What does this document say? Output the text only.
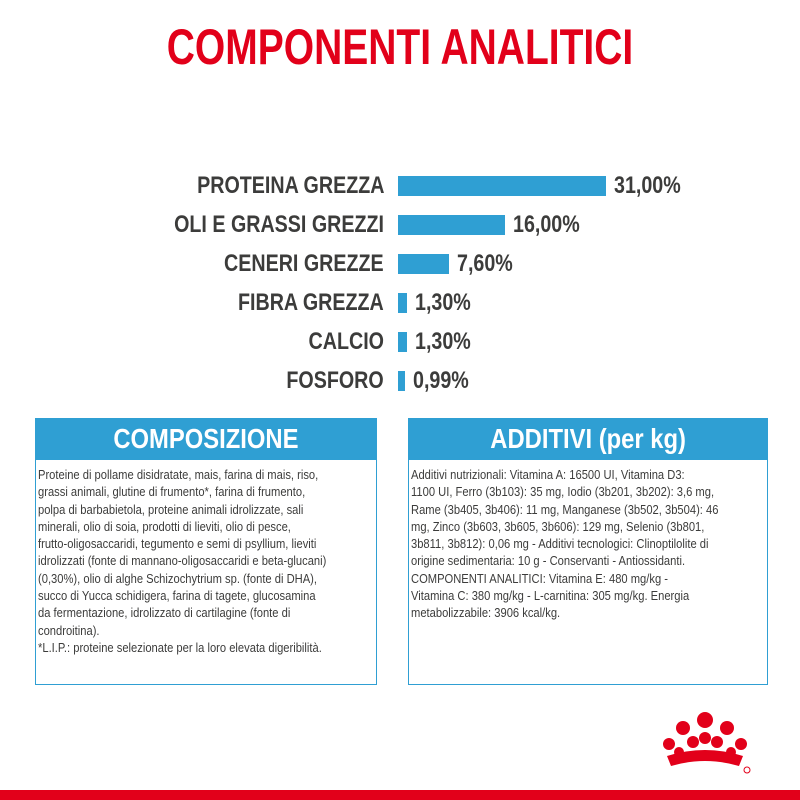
COMPONENTI ANALITICI
PROTEINA GREZZA	31,00%
OLI E GRASSI GREZZI	16,00%
CENERI GREZZE	7,60%
FIBRA GREZZA 1,30%
CALCIO 1,30%
FOSFORO 0,99%
COMPOSIZIONE
Proteine di pollame disidratate, mais, farina di mais, riso,
grassi animali, glutine di frumento*, farina di frumento,
polpa di barbabietola, proteine animali idrolizzate, sali
minerali, olio di soia, prodotti di lieviti, olio di pesce,
frutto-oligosaccaridi, tegumento e semi di psyllium, lieviti
idrolizzati (fonte di mannano-oligosaccaridi e beta-glucani)
(0,30%), olio di alghe Schizochytrium sp. (fonte di DHA),
succo di Yucca schidigera, farina di tagete, glucosamina
da fermentazione, idrolizzato di cartilagine (fonte di
condroitina).
*L.I.P.: proteine selezionate per la loro elevata digeribilità.
ADDITIVI (per kg)
Additivi nutrizionali: Vitamina A: 16500 UI, Vitamina D3:
1100 UI, Ferro (3b103): 35 mg, Iodio (3b201, 3b202): 3,6 mg,
Rame (3b405, 3b406): 11 mg, Manganese (3b502, 3b504): 46
mg, Zinco (3b603, 3b605, 3b606): 129 mg, Selenio (3b801,
3b811, 3b812): 0,06 mg - Additivi tecnologici: Clinoptilolite di
origine sedimentaria: 10 g - Conservanti - Antiossidanti.
COMPONENTI ANALITICI: Vitamina E: 480 mg/kg -
Vitamina C: 380 mg/kg - L-carnitina: 305 mg/kg. Energia
metabolizzabile: 3906 kcal/kg.
